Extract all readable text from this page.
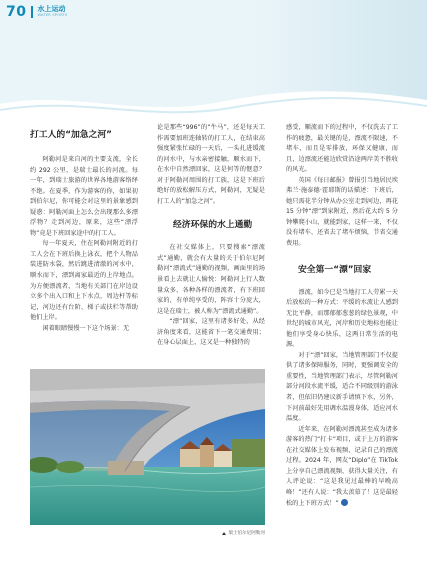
70 水上运动
WATER SPORTS
打工人的“加急之河”

阿勒河是来自河的主要支流，全长约 292 公里，是瑞士最长的河流。每一年，到瑞士旅游的世界各地游客络绎不绝。在夏季，作为游客的你，如果初到伯尔尼，你可能会对这里的景象感到疑惑：阿勒河面上怎么会出现那么多漂浮物？走到河边，原来，这些“漂浮物”竟是下班回家途中的打工人。

每一年夏天，住在阿勒河附近的打工人会在下班后换上泳衣，把个人物品装进防水袋，然后跳进清澈的河水中，顺水而下，漂到离家最近的上岸地点。为方便漂流者，当地有关部门在岸边设立多个出入口和上下水点，周边杆等标记，河边还有台阶、梯子或扶栏等帮助他们上岸。

闲着眼睛慢慢一下这个场景：无

论是那些“996”的“牛马”，还是每天工作需要加班连轴转的打工人，在结束高强度紧张忙碌的一天后，一头扎进缓流的河水中，与水亲密接触，顺水而下，在水中自然漂回家，这是何等的惬意？对于阿勒河周围的打工族，这是下班后绝好的放松解压方式，阿勒河，无疑是打工人的“加急之河”。
经济环保的水上通勤

在社交媒体上，只要搜索“漂流式”通勤，就会有大量的关于伯尔尼阿勒河“漂流式”通勤的视频，画面里的场景看上去就让人愉悦：阿勒河上行人数量众多，各种各样的漂流者，有下班回家的，有单纯享受的，阵容十分庞大，这是在瑞士，被人称为“漂流式通勤”。

“漂”回家，这里有诸多好处，从经济角度来看，这能省下一笔交通费用；在身心层面上，这又是一种独特的

感受，顺流而下的过程中，不仅洗去了工作的疲惫，最关键的是，漂流不限速，不堵车，而且是零排放，环保又健康，而且，边漂流还能边欣赏沿途两岸美不胜收的风光。

英国《每日邮报》曾报引当地居民埃弗兰·施泰德·霍耶斯的话描述：下班后，她只需花半分钟从办公室走到河边，再花 15 分钟“漂”到家附近，然后花大约 5 分钟攀爬小山，就能到家，这样一来，不仅没有堵车、还省去了堵车烦恼，节省交通费用。

安全第一“漂”回家

漂流，如今已是当地打工人劳累一天后放松的一种方式：平缓的水流让人感到无比平静，而那郁郁葱葱的绿色景观，中世纪的城市风光，河岸和历史地标也能让他们享受身心快乐，这两日常生活的电源。

对于“漂”回家，当地管理部门不仅提供了诸多保障服务，同时，更强调安全的重要性，当地管理部门表示，尽管阿勒河部分河段水流平缓，适合不同级别的游泳者，但依旧仍建议新手请慎下水，另外，下河前最好先用调水温漫身体，适应河水温度。

近年来，在阿勒河漂流甚至成为诸多游客的热门“打卡”项目，或于上万的游客在社交媒体上发布视频，记录自己的漂流过程。2024 年，网友“Diplo”在 TikTok 上分享自己漂流视频，获得大量关注，有人评论说：“这是我见过最棒的早晚高峰！”还有人说：“我太羡慕了！这是最轻松的上下班方式！”

瑞士伯尔尼阿勒河
